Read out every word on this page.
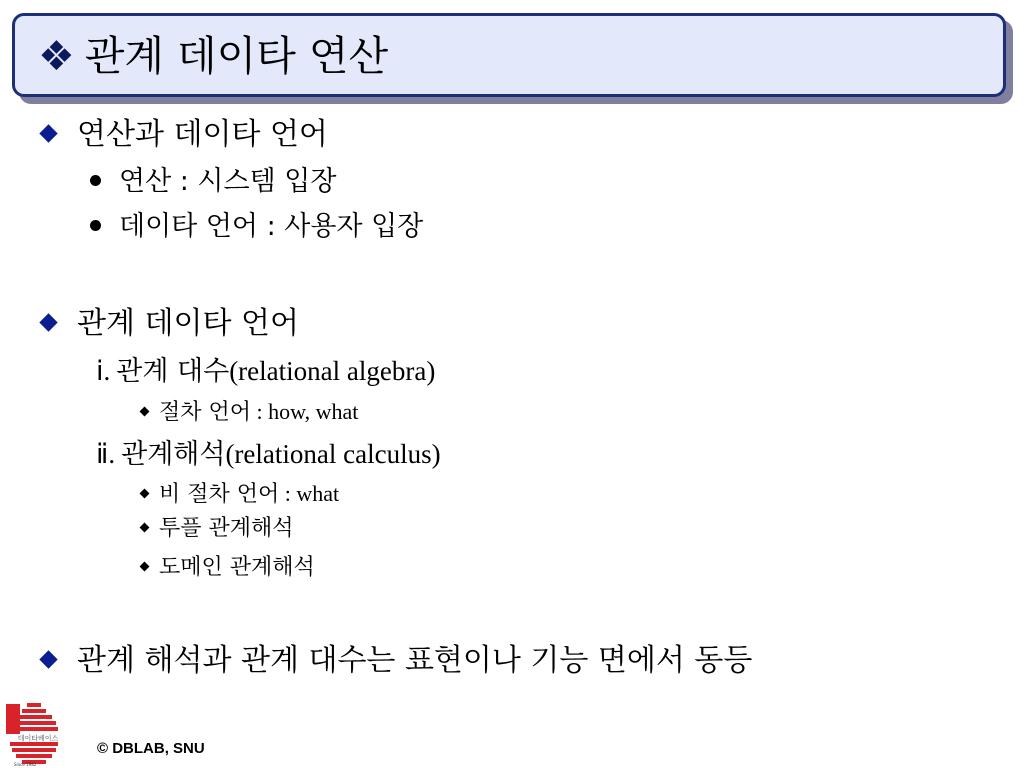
❖ 관계 데이타 연산
연산과 데이타 언어
연산 : 시스템 입장
데이타 언어 : 사용자 입장
관계 데이타 언어
ⅰ. 관계 대수(relational algebra)
절차 언어 : how, what
ⅱ. 관계해석(relational calculus)
비 절차 언어 : what
투플 관계해석
도메인 관계해석
관계 해석과 관계 대수는 표현이나 기능 면에서 동등
데이타베이스
Since 1982
© DBLAB, SNU
